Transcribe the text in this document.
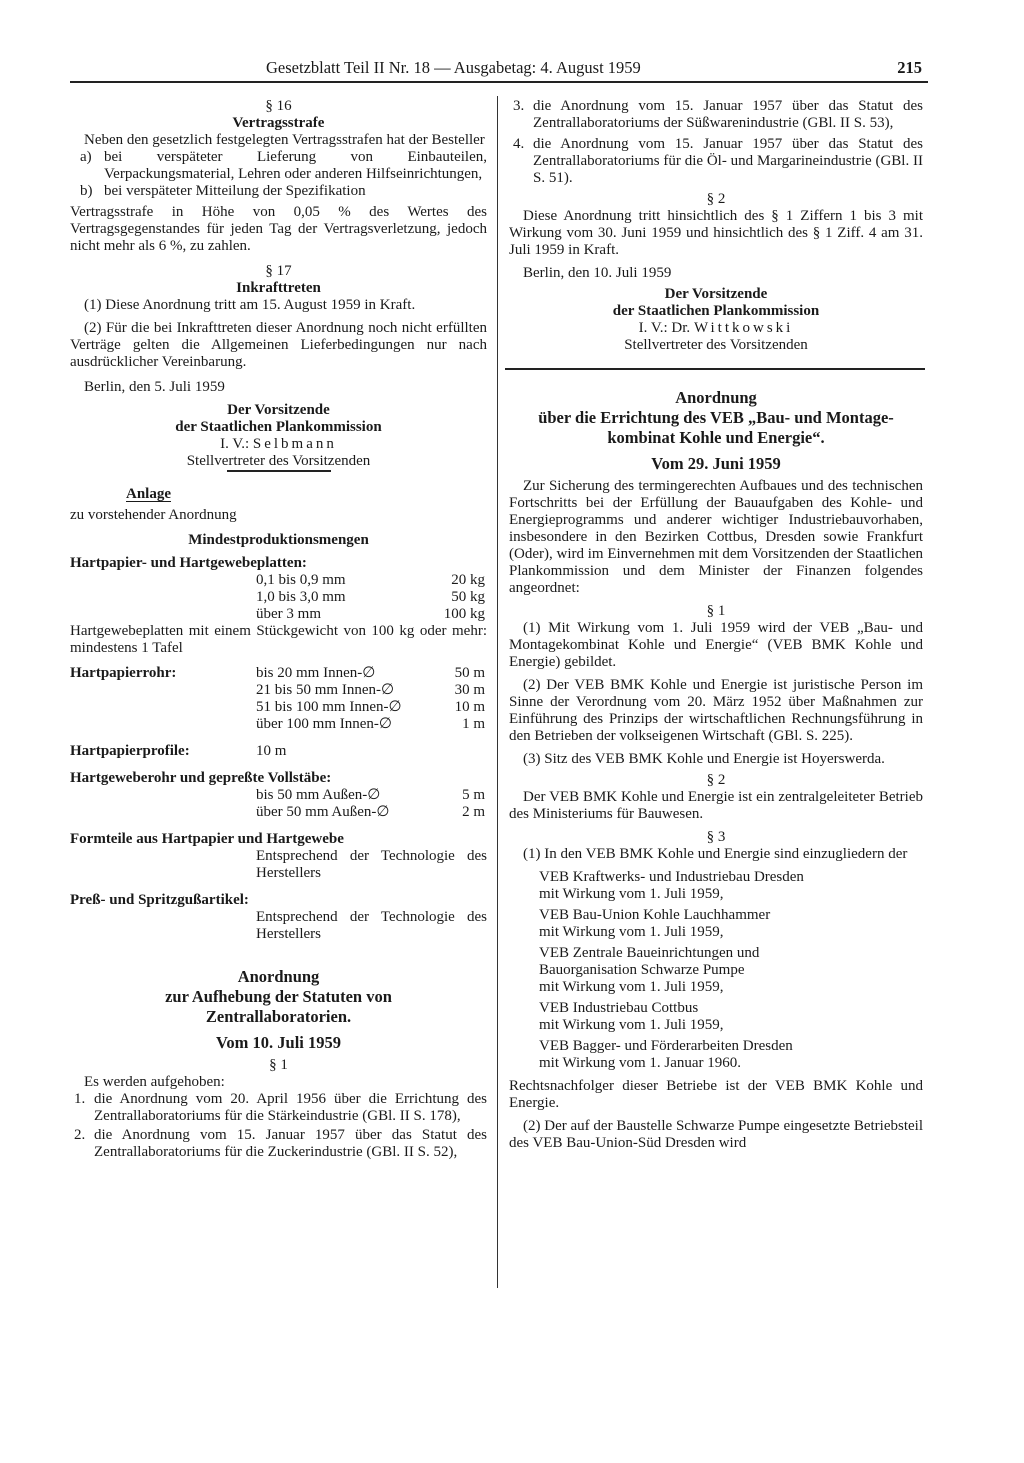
Gesetzblatt Teil II Nr. 18 — Ausgabetag: 4. August 1959	215

§ 16

Vertragsstrafe

Neben den gesetzlich festgelegten Vertragsstrafen hat der Besteller

a) bei verspäteter Lieferung von Einbauteilen, Verpackungsmaterial, Lehren oder anderen Hilfseinrichtungen,

b) bei verspäteter Mitteilung der Spezifikation

Vertragsstrafe in Höhe von 0,05 % des Wertes des Vertragsgegenstandes für jeden Tag der Vertragsverletzung, jedoch nicht mehr als 6 %, zu zahlen.

§ 17

Inkrafttreten

(1) Diese Anordnung tritt am 15. August 1959 in Kraft.

(2) Für die bei Inkrafttreten dieser Anordnung noch nicht erfüllten Verträge gelten die Allgemeinen Lieferbedingungen nur nach ausdrücklicher Vereinbarung.

Berlin, den 5. Juli 1959

Der Vorsitzende

der Staatlichen Plankommission

I. V.: Selbmann

Stellvertreter des Vorsitzenden

Anlage

zu vorstehender Anordnung

Mindestproduktionsmengen

Hartpapier- und Hartgewebeplatten:

0,1 bis 0,9 mm	20 kg
1,0 bis 3,0 mm	50 kg
über 3 mm	100 kg

Hartgewebeplatten mit einem Stückgewicht von 100 kg oder mehr: mindestens 1 Tafel

Hartpapierrohr:	bis 20 mm Innen-∅	50 m
21 bis 50 mm Innen-∅	30 m
51 bis 100 mm Innen-∅	10 m
über 100 mm Innen-∅	1 m
Hartpapierprofile:	10 m

Hartgeweberohr und gepreßte Vollstäbe:

bis 50 mm Außen-∅	5 m
über 50 mm Außen-∅	2 m

Formteile aus Hartpapier und Hartgewebe

Entsprechend der Technologie des Herstellers

Preß- und Spritzgußartikel:

Entsprechend der Technologie des Herstellers

Anordnung

zur Aufhebung der Statuten von

Zentrallaboratorien.

Vom 10. Juli 1959

§ 1

Es werden aufgehoben:

1. die Anordnung vom 20. April 1956 über die Errichtung des Zentrallaboratoriums für die Stärkeindustrie (GBl. II S. 178),

2. die Anordnung vom 15. Januar 1957 über das Statut des Zentrallaboratoriums für die Zuckerindustrie (GBl. II S. 52),

3. die Anordnung vom 15. Januar 1957 über das Statut des Zentrallaboratoriums der Süßwarenindustrie (GBl. II S. 53),

4. die Anordnung vom 15. Januar 1957 über das Statut des Zentrallaboratoriums für die Öl- und Margarineindustrie (GBl. II S. 51).

§ 2

Diese Anordnung tritt hinsichtlich des § 1 Ziffern 1 bis 3 mit Wirkung vom 30. Juni 1959 und hinsichtlich des § 1 Ziff. 4 am 31. Juli 1959 in Kraft.

Berlin, den 10. Juli 1959

Der Vorsitzende

der Staatlichen Plankommission

I. V.: Dr. Wittkowski

Stellvertreter des Vorsitzenden

Anordnung

über die Errichtung des VEB „Bau- und Montage-

kombinat Kohle und Energie“.

Vom 29. Juni 1959

Zur Sicherung des termingerechten Aufbaues und des technischen Fortschritts bei der Erfüllung der Bauaufgaben des Kohle- und Energieprogramms und anderer wichtiger Industriebauvorhaben, insbesondere in den Bezirken Cottbus, Dresden sowie Frankfurt (Oder), wird im Einvernehmen mit dem Vorsitzenden der Staatlichen Plankommission und dem Minister der Finanzen folgendes angeordnet:

§ 1

(1) Mit Wirkung vom 1. Juli 1959 wird der VEB „Bau- und Montagekombinat Kohle und Energie“ (VEB BMK Kohle und Energie) gebildet.

(2) Der VEB BMK Kohle und Energie ist juristische Person im Sinne der Verordnung vom 20. März 1952 über Maßnahmen zur Einführung des Prinzips der wirtschaftlichen Rechnungsführung in den Betrieben der volkseigenen Wirtschaft (GBl. S. 225).

(3) Sitz des VEB BMK Kohle und Energie ist Hoyerswerda.

§ 2

Der VEB BMK Kohle und Energie ist ein zentralgeleiteter Betrieb des Ministeriums für Bauwesen.

§ 3

(1) In den VEB BMK Kohle und Energie sind einzugliedern der

VEB Kraftwerks- und Industriebau Dresden
mit Wirkung vom 1. Juli 1959,
VEB Bau-Union Kohle Lauchhammer
mit Wirkung vom 1. Juli 1959,
VEB Zentrale Baueinrichtungen und Bauorganisation Schwarze Pumpe
mit Wirkung vom 1. Juli 1959,
VEB Industriebau Cottbus
mit Wirkung vom 1. Juli 1959,
VEB Bagger- und Förderarbeiten Dresden
mit Wirkung vom 1. Januar 1960.

Rechtsnachfolger dieser Betriebe ist der VEB BMK Kohle und Energie.

(2) Der auf der Baustelle Schwarze Pumpe eingesetzte Betriebsteil des VEB Bau-Union-Süd Dresden wird
